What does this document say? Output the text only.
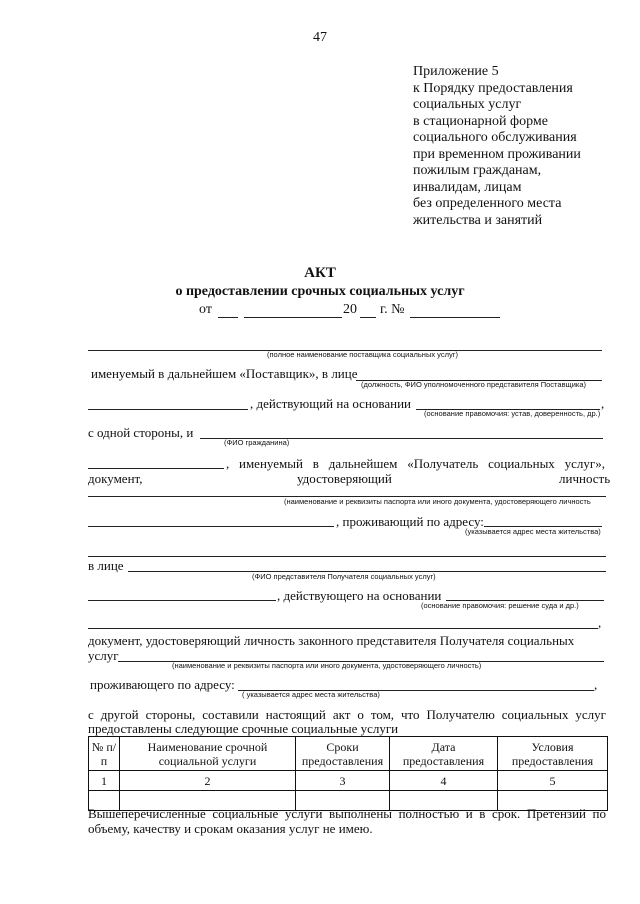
47
Приложение 5
к Порядку предоставления
социальных услуг
в стационарной форме
социального обслуживания
при временном проживании
пожилым гражданам,
инвалидам, лицам
без определенного места
жительства и занятий
АКТ
о предоставлении срочных социальных услуг
от	20 г. №
(полное наименование поставщика социальных услуг)
именуемый в дальнейшем «Поставщик», в лице
(должность, ФИО уполномоченного представителя Поставщика)
, действующий на основании	,
(основание правомочия: устав, доверенность, др.)
с одной стороны, и
(ФИО гражданина)
, именуемый в дальнейшем «Получатель социальных услуг»,
документ,	удостоверяющий	личность
(наименование и реквизиты паспорта или иного документа, удостоверяющего личность
, проживающий по адресу:
(указывается адрес места жительства)
в лице
(ФИО представителя Получателя социальных услуг)
, действующего на основании
(основание правомочия: решение суда и др.)
,
документ, удостоверяющий личность законного представителя Получателя социальных
услуг
(наименование и реквизиты паспорта или иного документа, удостоверяющего личность)
проживающего по адресу:	,
( указывается адрес места жительства)
с другой стороны, составили настоящий акт о том, что Получателю социальных услуг
предоставлены следующие срочные социальные услуги
№ п/п	Наименование срочной социальной услуги	Сроки предоставления	Дата предоставления	Условия предоставления
1	2	3	4	5

Вышеперечисленные социальные услуги выполнены полностью и в срок. Претензий по
объему, качеству и срокам оказания услуг не имею.
